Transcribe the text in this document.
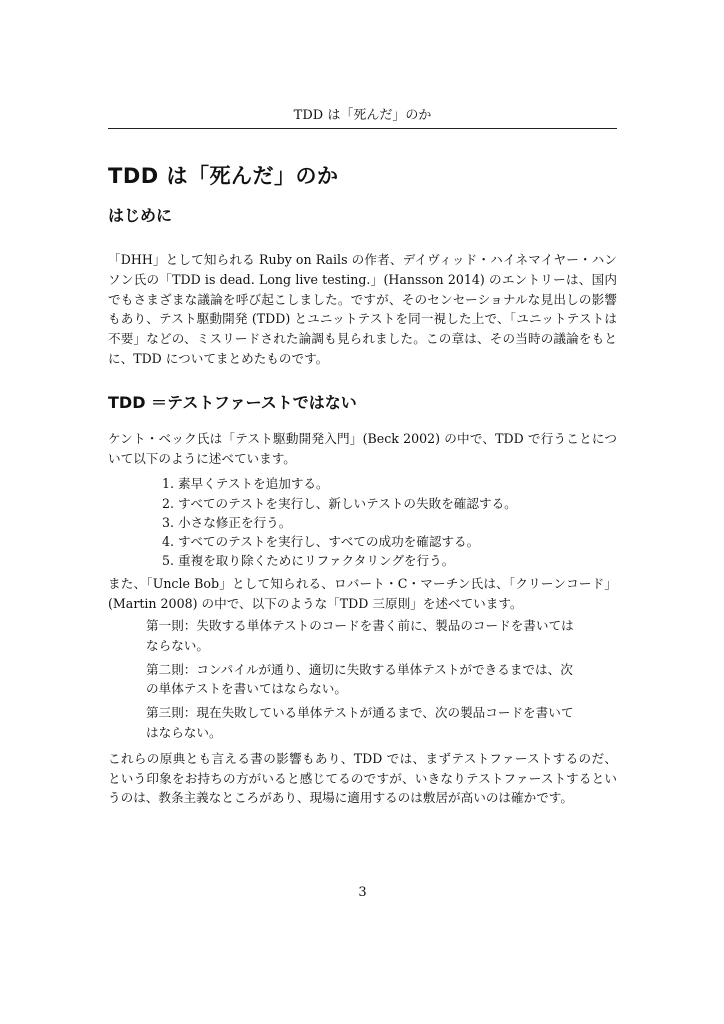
TDD は「死んだ」のか
TDD は「死んだ」のか
はじめに

「DHH」として知られる Ruby on Rails の作者、デイヴィッド・ハイネマイヤー・ハンソン氏の「TDD is dead. Long live testing.」(Hansson 2014) のエントリーは、国内でもさまざまな議論を呼び起こしました。ですが、そのセンセーショナルな見出しの影響もあり、テスト駆動開発 (TDD) とユニットテストを同一視した上で、「ユニットテストは不要」などの、ミスリードされた論調も見られました。この章は、その当時の議論をもとに、TDD についてまとめたものです。

TDD ＝テストファーストではない

ケント・ベック氏は「テスト駆動開発入門」(Beck 2002) の中で、TDD で行うことについて以下のように述べています。

1. 素早くテストを追加する。
2. すべてのテストを実行し、新しいテストの失敗を確認する。
3. 小さな修正を行う。
4. すべてのテストを実行し、すべての成功を確認する。
5. 重複を取り除くためにリファクタリングを行う。

また、「Uncle Bob」として知られる、ロバート・C・マーチン氏は、「クリーンコード」(Martin 2008) の中で、以下のような「TDD 三原則」を述べています。

第一則：失敗する単体テストのコードを書く前に、製品のコードを書いてはならない。

第二則：コンパイルが通り、適切に失敗する単体テストができるまでは、次の単体テストを書いてはならない。

第三則：現在失敗している単体テストが通るまで、次の製品コードを書いてはならない。

これらの原典とも言える書の影響もあり、TDD では、まずテストファーストするのだ、という印象をお持ちの方がいると感じてるのですが、いきなりテストファーストするというのは、教条主義なところがあり、現場に適用するのは敷居が高いのは確かです。

3
